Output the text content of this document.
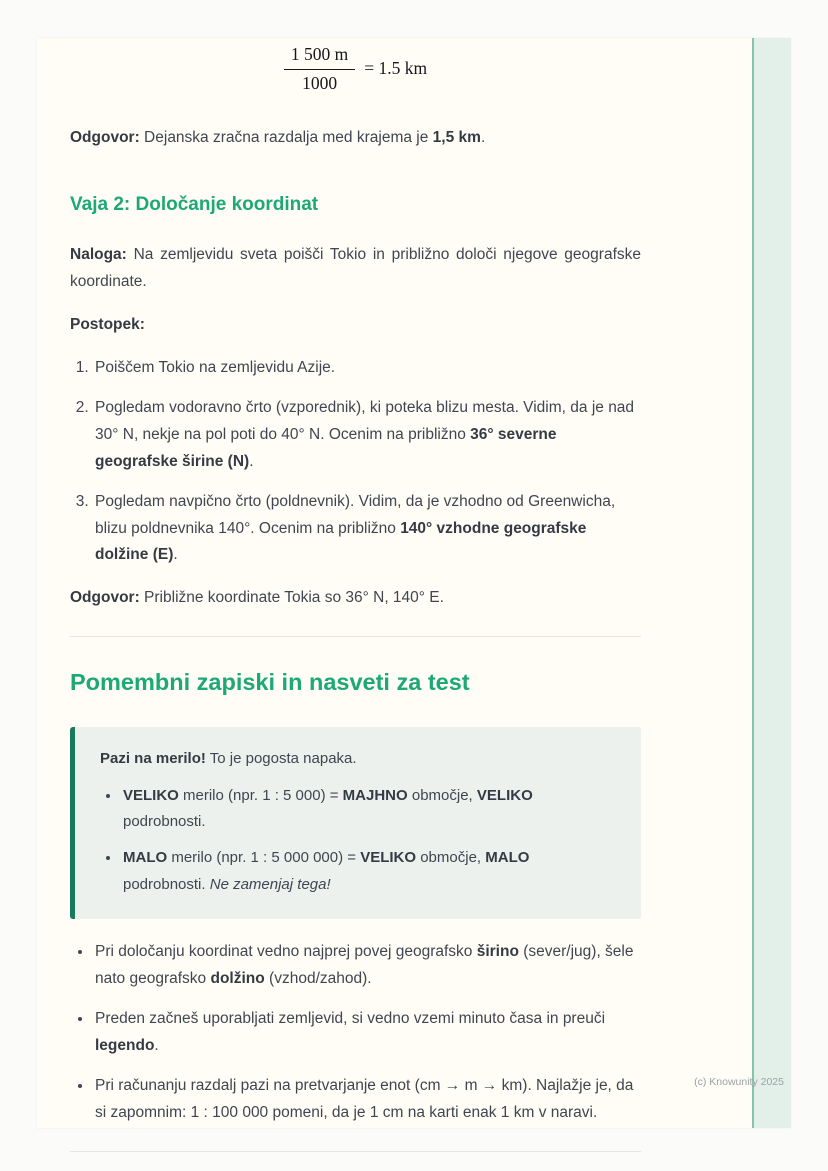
$\frac{1 500 m}{1000} = 1.5$ km

Odgovor: Dejanska zračna razdalja med krajema je 1,5 km.

Vaja 2: Določanje koordinat

Naloga: Na zemljevidu sveta poišči Tokio in približno določi njegove geografske koordinate.

Postopek:

1. Poiščem Tokio na zemljevidu Azije.
2. Pogledam vodoravno črto (vzporednik), ki poteka blizu mesta. Vidim, da je nad 30° N, nekje na pol poti do 40° N. Ocenim na približno 36° severne geografske širine (N).
3. Pogledam navpično črto (poldnevnik). Vidim, da je vzhodno od Greenwicha, blizu poldnevnika 140°. Ocenim na približno 140° vzhodne geografske dolžine (E).

Odgovor: Približne koordinate Tokia so 36° N, 140° E.

Pomembni zapiski in nasveti za test

Pazi na merilo! To je pogosta napaka.

• VELIKO merilo (npr. 1 : 5 000) = MAJHNO območje, VELIKO podrobnosti.
• MALO merilo (npr. 1 : 5 000 000) = VELIKO območje, MALO podrobnosti. Ne zamenjaj tega!
• Pri določanju koordinat vedno najprej povej geografsko širino (sever/jug), šele nato geografsko dolžino (vzhod/zahod).
• Preden začneš uporabljati zemljevid, si vedno vzemi minuto časa in preuči legendo.
• Pri računanju razdalj pazi na pretvarjanje enot (cm → m → km). Najlažje je, da si zapomnim: 1 : 100 000 pomeni, da je 1 cm na karti enak 1 km v naravi.
(c) Knowunity 2025
